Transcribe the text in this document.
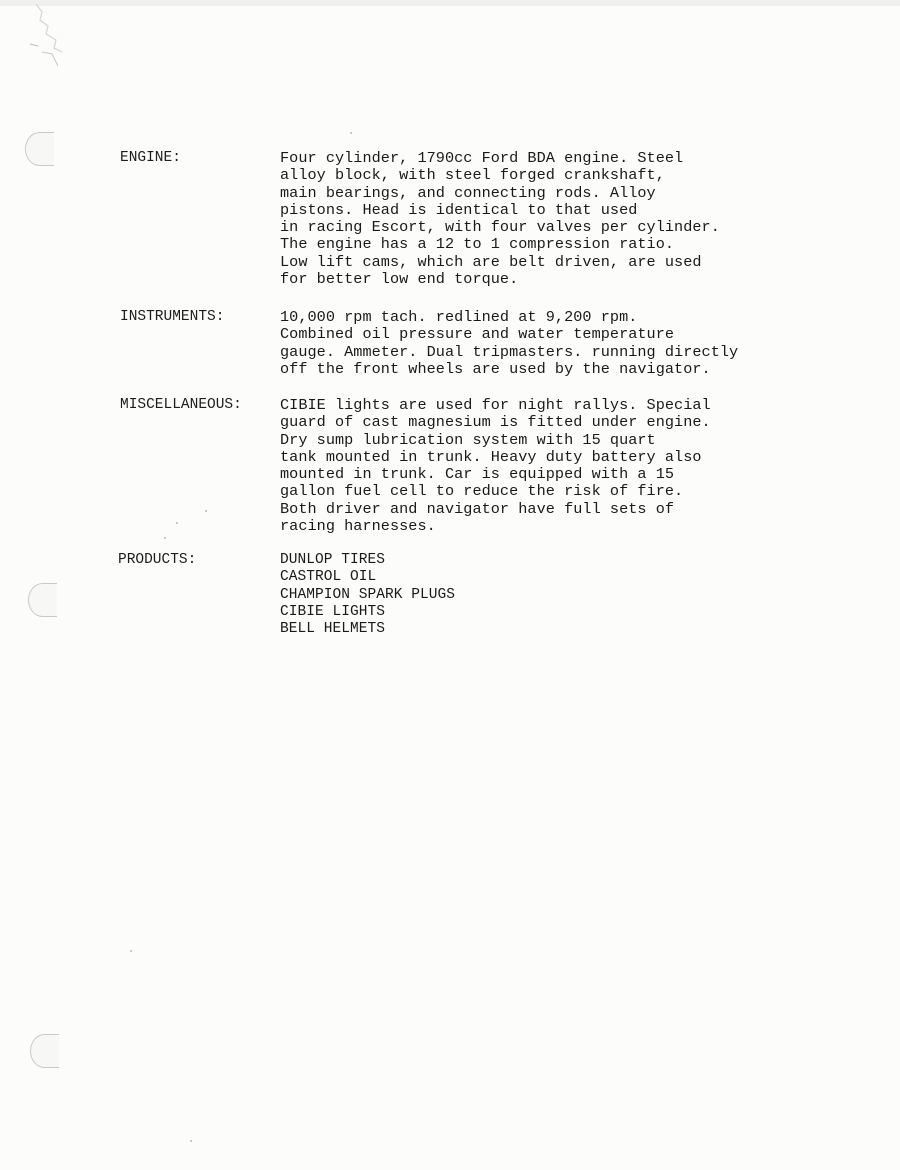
ENGINE:	Four cylinder, 1790cc Ford BDA engine. Steel
alloy block, with steel forged crankshaft,
main bearings, and connecting rods. Alloy
pistons. Head is identical to that used
in racing Escort, with four valves per cylinder.
The engine has a 12 to 1 compression ratio.
Low lift cams, which are belt driven, are used
for better low end torque.
INSTRUMENTS:	10,000 rpm tach. redlined at 9,200 rpm.
Combined oil pressure and water temperature
gauge. Ammeter. Dual tripmasters. running directly
off the front wheels are used by the navigator.
MISCELLANEOUS:	CIBIE lights are used for night rallys. Special
guard of cast magnesium is fitted under engine.
Dry sump lubrication system with 15 quart
tank mounted in trunk. Heavy duty battery also
mounted in trunk. Car is equipped with a 15
gallon fuel cell to reduce the risk of fire.
Both driver and navigator have full sets of
racing harnesses.
PRODUCTS:	DUNLOP TIRES
CASTROL OIL
CHAMPION SPARK PLUGS
CIBIE LIGHTS
BELL HELMETS
